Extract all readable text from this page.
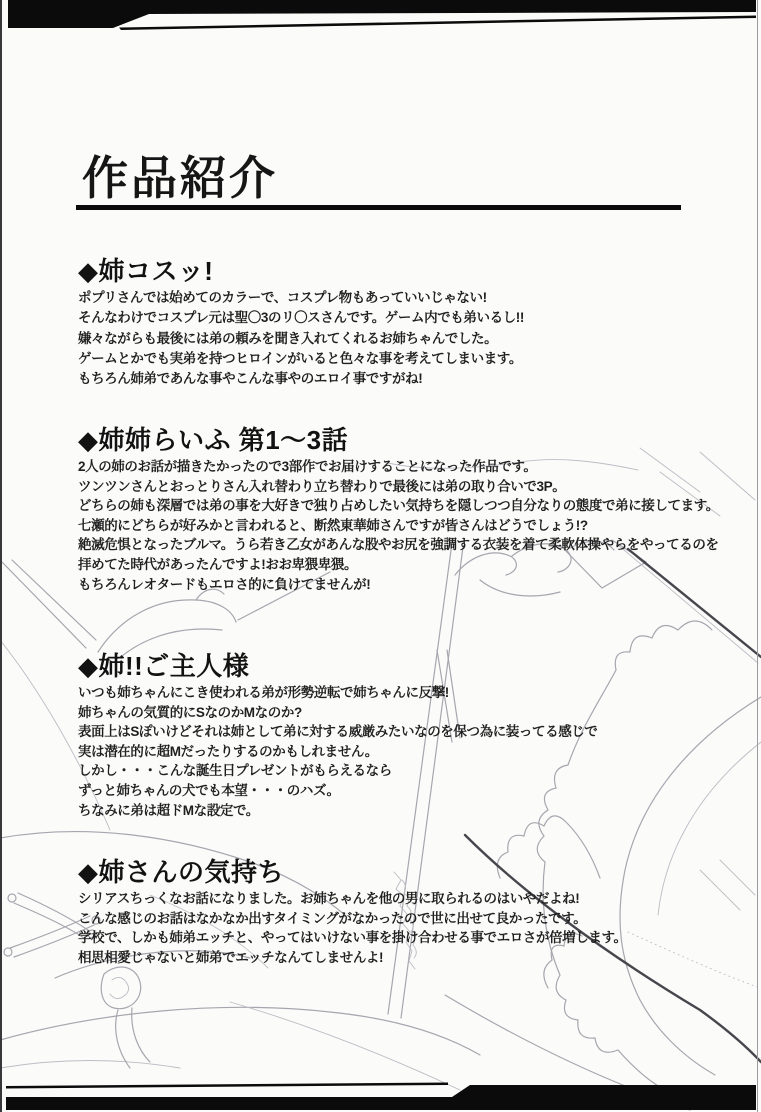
作品紹介
◆姉コスッ!
ポプリさんでは始めてのカラーで、コスプレ物もあっていいじゃない!
そんなわけでコスプレ元は聖〇3のリ〇スさんです。ゲーム内でも弟いるし!!
嫌々ながらも最後には弟の頼みを聞き入れてくれるお姉ちゃんでした。
ゲームとかでも実弟を持つヒロインがいると色々な事を考えてしまいます。
もちろん姉弟であんな事やこんな事やのエロイ事ですがね!
◆姉姉らいふ 第1〜3話
2人の姉のお話が描きたかったので3部作でお届けすることになった作品です。
ツンツンさんとおっとりさん入れ替わり立ち替わりで最後には弟の取り合いで3P。
どちらの姉も深層では弟の事を大好きで独り占めしたい気持ちを隠しつつ自分なりの態度で弟に接してます。
七瀬的にどちらが好みかと言われると、断然東華姉さんですが皆さんはどうでしょう!?
絶滅危惧となったブルマ。うら若き乙女があんな股やお尻を強調する衣装を着て柔軟体操やらをやってるのを
拝めてた時代があったんですよ!おお卑猥卑猥。
もちろんレオタードもエロさ的に負けてませんが!
◆姉!!ご主人様
いつも姉ちゃんにこき使われる弟が形勢逆転で姉ちゃんに反撃!
姉ちゃんの気質的にSなのかMなのか?
表面上はSぽいけどそれは姉として弟に対する威厳みたいなのを保つ為に装ってる感じで
実は潜在的に超Mだったりするのかもしれません。
しかし・・・こんな誕生日プレゼントがもらえるなら
ずっと姉ちゃんの犬でも本望・・・のハズ。
ちなみに弟は超ドMな設定で。
◆姉さんの気持ち
シリアスちっくなお話になりました。お姉ちゃんを他の男に取られるのはいやだよね!
こんな感じのお話はなかなか出すタイミングがなかったので世に出せて良かったです。
学校で、しかも姉弟エッチと、やってはいけない事を掛け合わせる事でエロさが倍増します。
相思相愛じゃないと姉弟でエッチなんてしませんよ!
